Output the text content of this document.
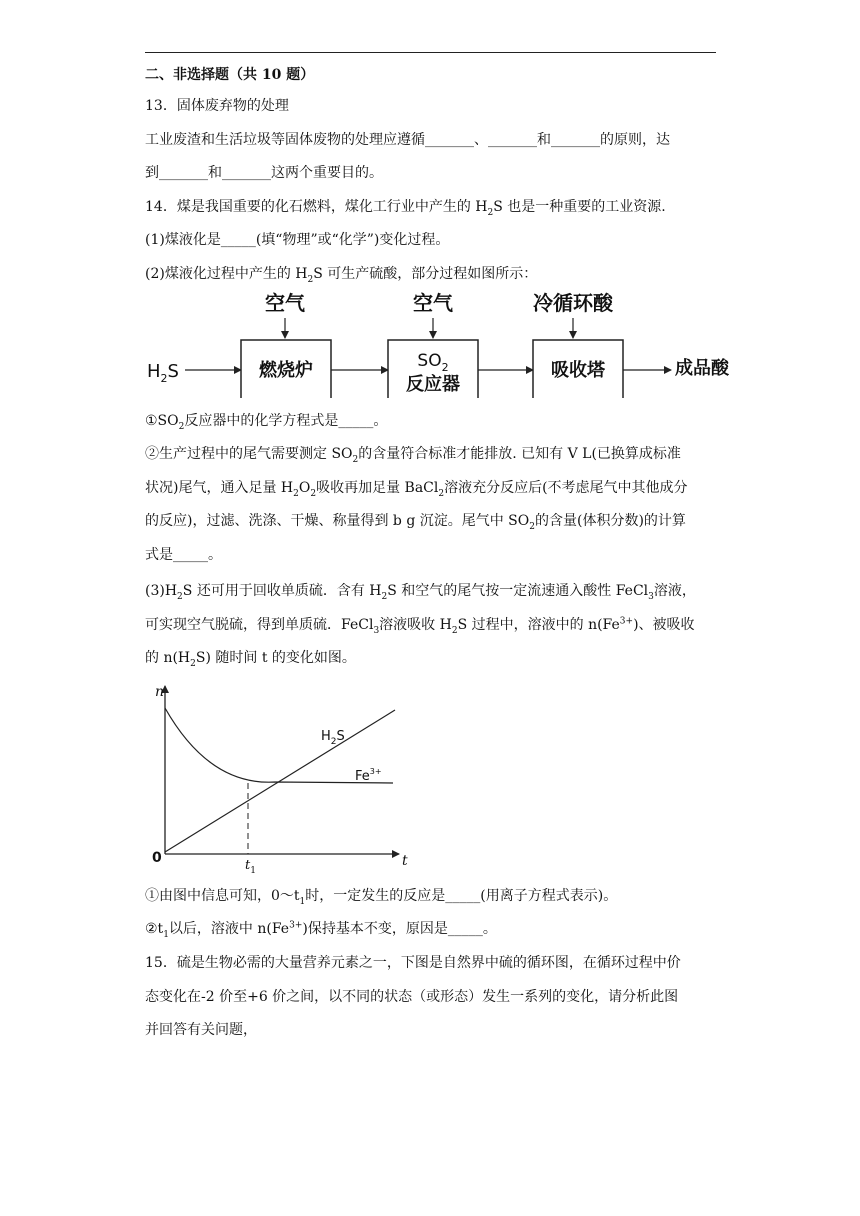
二、非选择题（共 10 题）
13．固体废弃物的处理
工业废渣和生活垃圾等固体废物的处理应遵循_______、_______和_______的原则，达
到_______和_______这两个重要目的。
14．煤是我国重要的化石燃料，煤化工行业中产生的 $H_2S$ 也是一种重要的工业资源.
(1)煤液化是_____(填“物理”或“化学”)变化过程。
(2)煤液化过程中产生的 $H_2S$ 可生产硫酸，部分过程如图所示：
空气	空气	冷循环酸
$H_2S$	燃烧炉	$SO_2$
反应器
吸收塔	成品酸
$①SO_2$反应器中的化学方程式是_____。
②生产过程中的尾气需要测定 $SO_2$的含量符合标准才能排放. 已知有 V L(已换算成标准
状况)尾气，通入足量 $H_2O_2$吸收再加足量 BaCl$_2$溶液充分反应后(不考虑尾气中其他成分
的反应)，过滤、洗涤、干燥、称量得到 b g 沉淀。尾气中 $SO_2$的含量(体积分数)的计算
式是_____。
$(3)H_2S$ 还可用于回收单质硫．含有 $H_2S$ 和空气的尾气按一定流速通入酸性 FeCl$_3$溶液，
可实现空气脱硫，得到单质硫．FeCl$_3$溶液吸收 $H_2S$ 过程中，溶液中的 $n(Fe^{3+})$、被吸收
的 $n(H_2S)$ 随时间 t 的变化如图。
n
t
0
$H_2S$
$Fe^{3+}$
$t_1$
①由图中信息可知，$0\sim t_1$时，一定发生的反应是_____(用离子方程式表示)。
$②t_1$以后，溶液中 $n(Fe^{3+})$保持基本不变，原因是_____。
15．硫是生物必需的大量营养元素之一，下图是自然界中硫的循环图，在循环过程中价
态变化在-2 价至+6 价之间，以不同的状态（或形态）发生一系列的变化，请分析此图
并回答有关问题，
